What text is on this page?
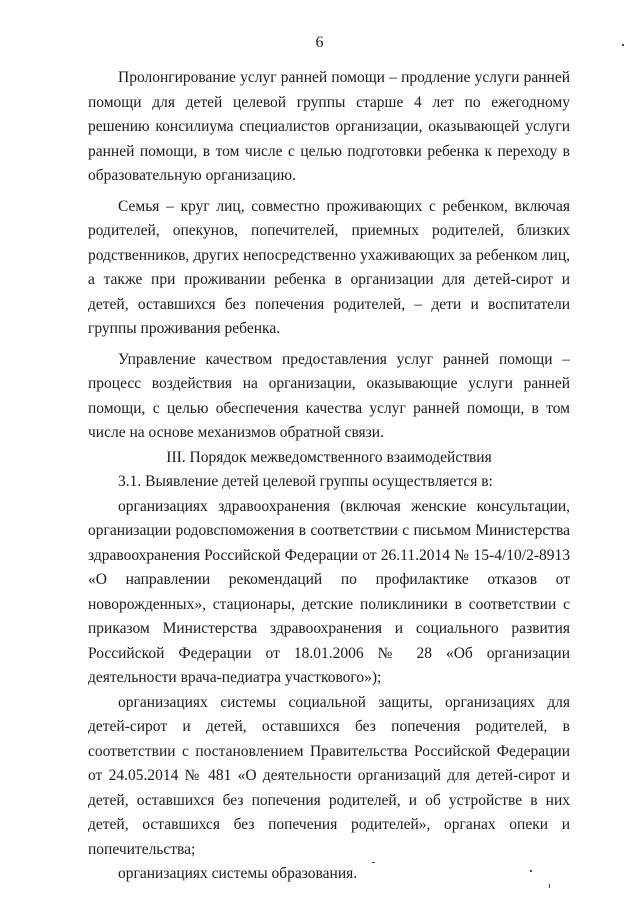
6

Пролонгирование услуг ранней помощи – продление услуги ранней помощи для детей целевой группы старше 4 лет по ежегодному решению консилиума специалистов организации, оказывающей услуги ранней помощи, в том числе с целью подготовки ребенка к переходу в образовательную организацию.

Семья – круг лиц, совместно проживающих с ребенком, включая родителей, опекунов, попечителей, приемных родителей, близких родственников, других непосредственно ухаживающих за ребенком лиц, а также при проживании ребенка в организации для детей-сирот и детей, оставшихся без попечения родителей, – дети и воспитатели группы проживания ребенка.

Управление качеством предоставления услуг ранней помощи – процесс воздействия на организации, оказывающие услуги ранней помощи, с целью обеспечения качества услуг ранней помощи, в том числе на основе механизмов обратной связи.

III. Порядок межведомственного взаимодействия

3.1. Выявление детей целевой группы осуществляется в:

организациях здравоохранения (включая женские консультации, организации родовспоможения в соответствии с письмом Министерства здравоохранения Российской Федерации от 26.11.2014 № 15-4/10/2-8913 «О направлении рекомендаций по профилактике отказов от новорожденных», стационары, детские поликлиники в соответствии с приказом Министерства здравоохранения и социального развития Российской Федерации от 18.01.2006 № 28 «Об организации деятельности врача-педиатра участкового»);

организациях системы социальной защиты, организациях для детей-сирот и детей, оставшихся без попечения родителей, в соответствии с постановлением Правительства Российской Федерации от 24.05.2014 № 481 «О деятельности организаций для детей-сирот и детей, оставшихся без попечения родителей, и об устройстве в них детей, оставшихся без попечения родителей», органах опеки и попечительства;

организациях системы образования.
